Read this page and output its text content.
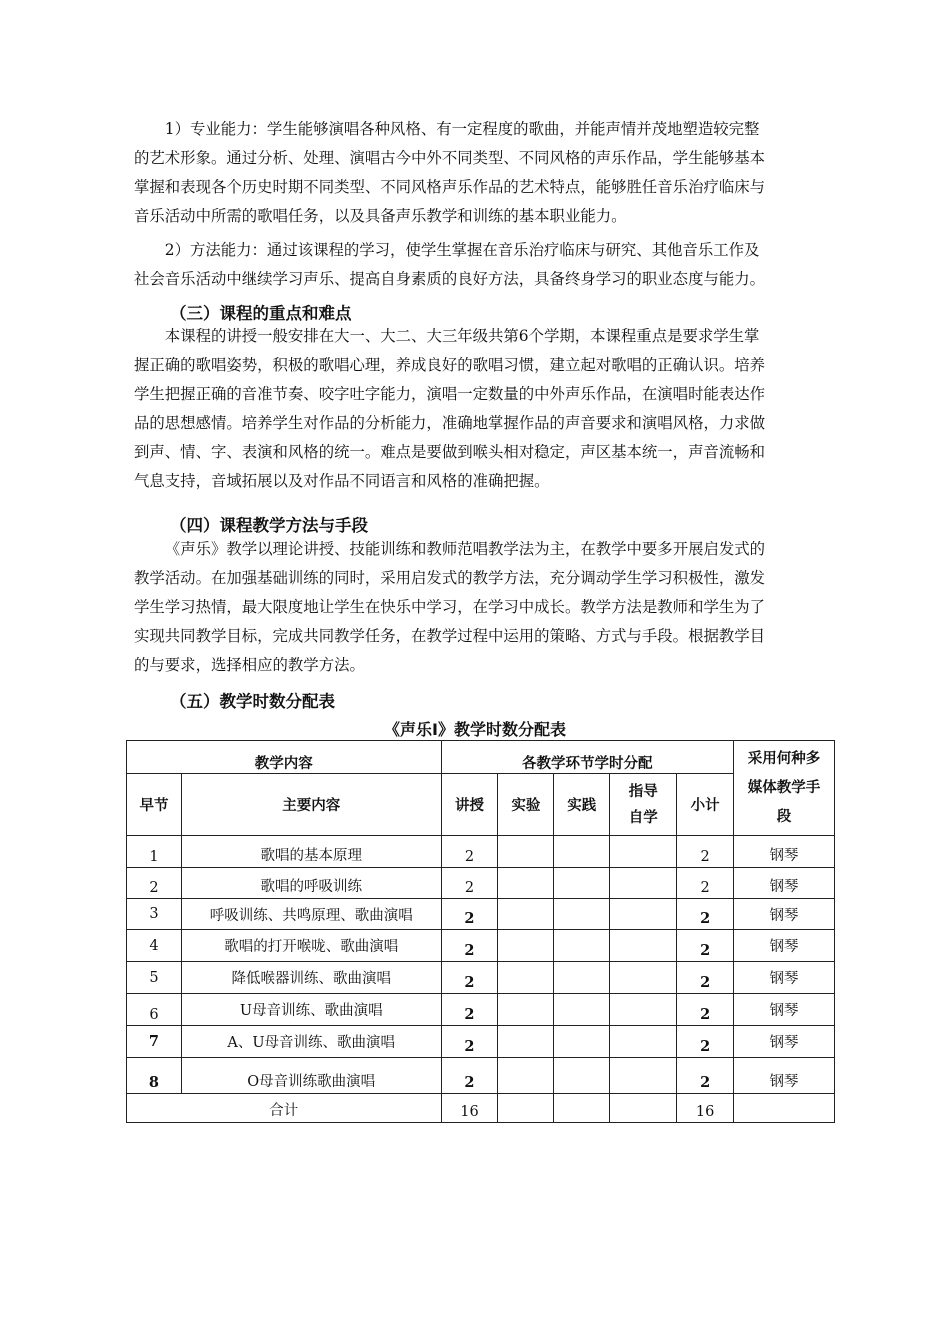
1）专业能力：学生能够演唱各种风格、有一定程度的歌曲，并能声情并茂地塑造较完整
的艺术形象。通过分析、处理、演唱古今中外不同类型、不同风格的声乐作品，学生能够基本
掌握和表现各个历史时期不同类型、不同风格声乐作品的艺术特点，能够胜任音乐治疗临床与
音乐活动中所需的歌唱任务，以及具备声乐教学和训练的基本职业能力。

2）方法能力：通过该课程的学习，使学生掌握在音乐治疗临床与研究、其他音乐工作及
社会音乐活动中继续学习声乐、提高自身素质的良好方法，具备终身学习的职业态度与能力。

（三）课程的重点和难点

本课程的讲授一般安排在大一、大二、大三年级共第6个学期，本课程重点是要求学生掌
握正确的歌唱姿势，积极的歌唱心理，养成良好的歌唱习惯，建立起对歌唱的正确认识。培养
学生把握正确的音准节奏、咬字吐字能力，演唱一定数量的中外声乐作品，在演唱时能表达作
品的思想感情。培养学生对作品的分析能力，准确地掌握作品的声音要求和演唱风格，力求做
到声、情、字、表演和风格的统一。难点是要做到喉头相对稳定，声区基本统一，声音流畅和
气息支持，音域拓展以及对作品不同语言和风格的准确把握。

（四）课程教学方法与手段

《声乐》教学以理论讲授、技能训练和教师范唱教学法为主，在教学中要多开展启发式的
教学活动。在加强基础训练的同时，采用启发式的教学方法，充分调动学生学习积极性，激发
学生学习热情，最大限度地让学生在快乐中学习，在学习中成长。教学方法是教师和学生为了
实现共同教学目标，完成共同教学任务，在教学过程中运用的策略、方式与手段。根据教学目
的与要求，选择相应的教学方法。

（五）教学时数分配表

《声乐Ⅰ》教学时数分配表
教学内容		各教学环节学时分配					采用何种多
媒体教学手
段

早节	主要内容	讲授	实验	实践	指导
自学	小计	
1	歌唱的基本原理	2				2	钢琴
2	歌唱的呼吸训练	2				2	钢琴
3	呼吸训练、共鸣原理、歌曲演唱	2				2	钢琴
4	歌唱的打开喉咙、歌曲演唱	2				2	钢琴
5	降低喉器训练、歌曲演唱	2				2	钢琴
6	U母音训练、歌曲演唱	2				2	钢琴
7	A、U母音训练、歌曲演唱	2				2	钢琴
8	O母音训练歌曲演唱	2				2	钢琴
合计		16				16	
